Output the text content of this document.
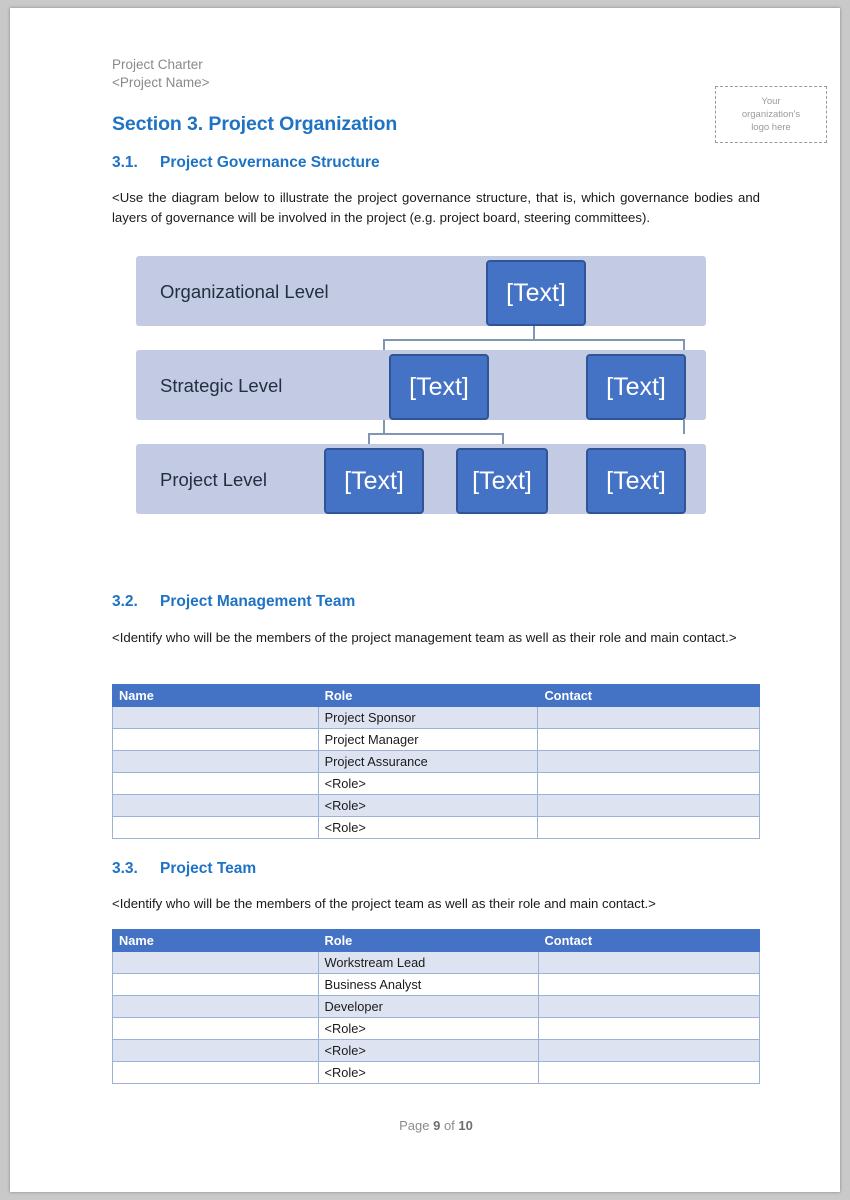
Project Charter
<Project Name>
Your
organization's
logo here
Section 3. Project Organization
3.1. Project Governance Structure
<Use the diagram below to illustrate the project governance structure, that is, which governance bodies and layers of governance will be involved in the project (e.g. project board, steering committees).
Organizational Level
Strategic Level
Project Level
[Text]
[Text]	[Text]
[Text]	[Text]	[Text]
3.2. Project Management Team
<Identify who will be the members of the project management team as well as their role and main contact.>
Name	Role	Contact
	Project Sponsor	
	Project Manager	
	Project Assurance	
	<Role>	
	<Role>	
	<Role>	
3.3. Project Team
<Identify who will be the members of the project team as well as their role and main contact.>
Name	Role	Contact
	Workstream Lead	
	Business Analyst	
	Developer	
	<Role>	
	<Role>	
	<Role>	
Page 9 of 10
